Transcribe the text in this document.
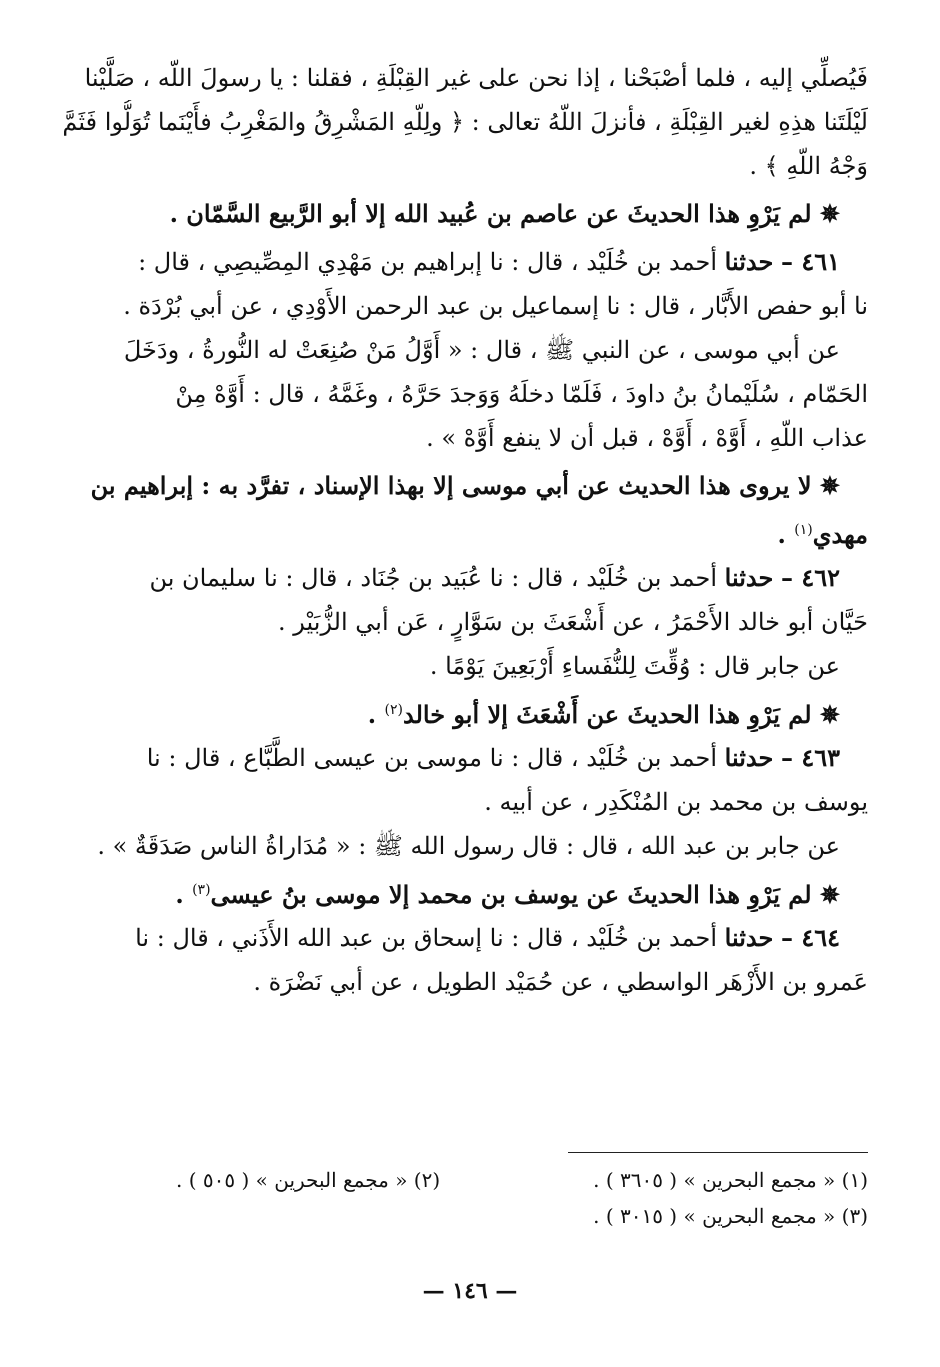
فَيُصلِّي إليه ، فلما أصْبَحْنا ، إذا نحن على غير القِبْلَةِ ، فقلنا : يا رسولَ اللّه ، صَلَّيْنا
لَيْلَتَنا هذِهِ لغير القِبْلَةِ ، فأنزلَ اللّهُ تعالى : ﴿ ولِلّهِ المَشْرِقُ والمَغْرِبُ فأَيْنَما تُوَلُّوا فَثَمَّ
وَجْهُ اللّهِ ﴾ .
✵ لم يَرْوِ هذا الحديثَ عن عاصم بن عُبيد الله إلا أبو الرَّبيع السَّمّان .
٤٦١ – حدثنا أحمد بن خُلَيْد ، قال : نا إبراهيم بن مَهْدِي المِصِّيصِي ، قال :
نا أبو حفص الأَبَّار ، قال : نا إسماعيل بن عبد الرحمن الأَوْدِي ، عن أبي بُرْدَة .
عن أبي موسى ، عن النبي ﷺ ، قال : « أَوَّلُ مَنْ صُنِعَتْ له النُّورةُ ، ودَخَلَ
الحَمّام ، سُلَيْمانُ بنُ داودَ ، فَلَمّا دخلَهُ وَوَجدَ حَرَّهُ ، وغَمَّهُ ، قال : أَوَّهْ مِنْ
عذاب اللّهِ ، أَوَّهْ ، أَوَّهْ ، قبل أن لا ينفع أَوَّهْ » .
✵ لا يروى هذا الحديث عن أبي موسى إلا بهذا الإسناد ، تفرَّد به : إبراهيم بن
مهدي$^{(١)}$ .
٤٦٢ – حدثنا أحمد بن خُلَيْد ، قال : نا عُبَيد بن جُنَاد ، قال : نا سليمان بن
حَيَّان أبو خالد الأَحْمَرُ ، عن أَشْعَثَ بن سَوَّارٍ ، عَن أبي الزُّبَيْر .
عن جابر قال : وُقِّتَ لِلنُّفَساءِ أَرْبَعِينَ يَوْمًا .
✵ لم يَرْوِ هذا الحديثَ عن أَشْعَثَ إلا أبو خالد$^{(٢)}$ .
٤٦٣ – حدثنا أحمد بن خُلَيْد ، قال : نا موسى بن عيسى الطَّبَّاع ، قال : نا
يوسف بن محمد بن المُنْكَدِر ، عن أبيه .
عن جابر بن عبد الله ، قال : قال رسول الله ﷺ : « مُدَاراةُ الناس صَدَقَةٌ » .
✵ لم يَرْوِ هذا الحديثَ عن يوسف بن محمد إلا موسى بنُ عيسى$^{(٣)}$ .
٤٦٤ – حدثنا أحمد بن خُلَيْد ، قال : نا إسحاق بن عبد الله الأَذَني ، قال : نا
عَمرو بن الأَزْهَر الواسطي ، عن حُمَيْد الطويل ، عن أبي نَضْرَة .
(١) « مجمع البحرين » ( ٣٦٠٥ ) .
(٢) « مجمع البحرين » ( ٥٠٥ ) .
(٣) « مجمع البحرين » ( ٣٠١٥ ) .
— ١٤٦ —
